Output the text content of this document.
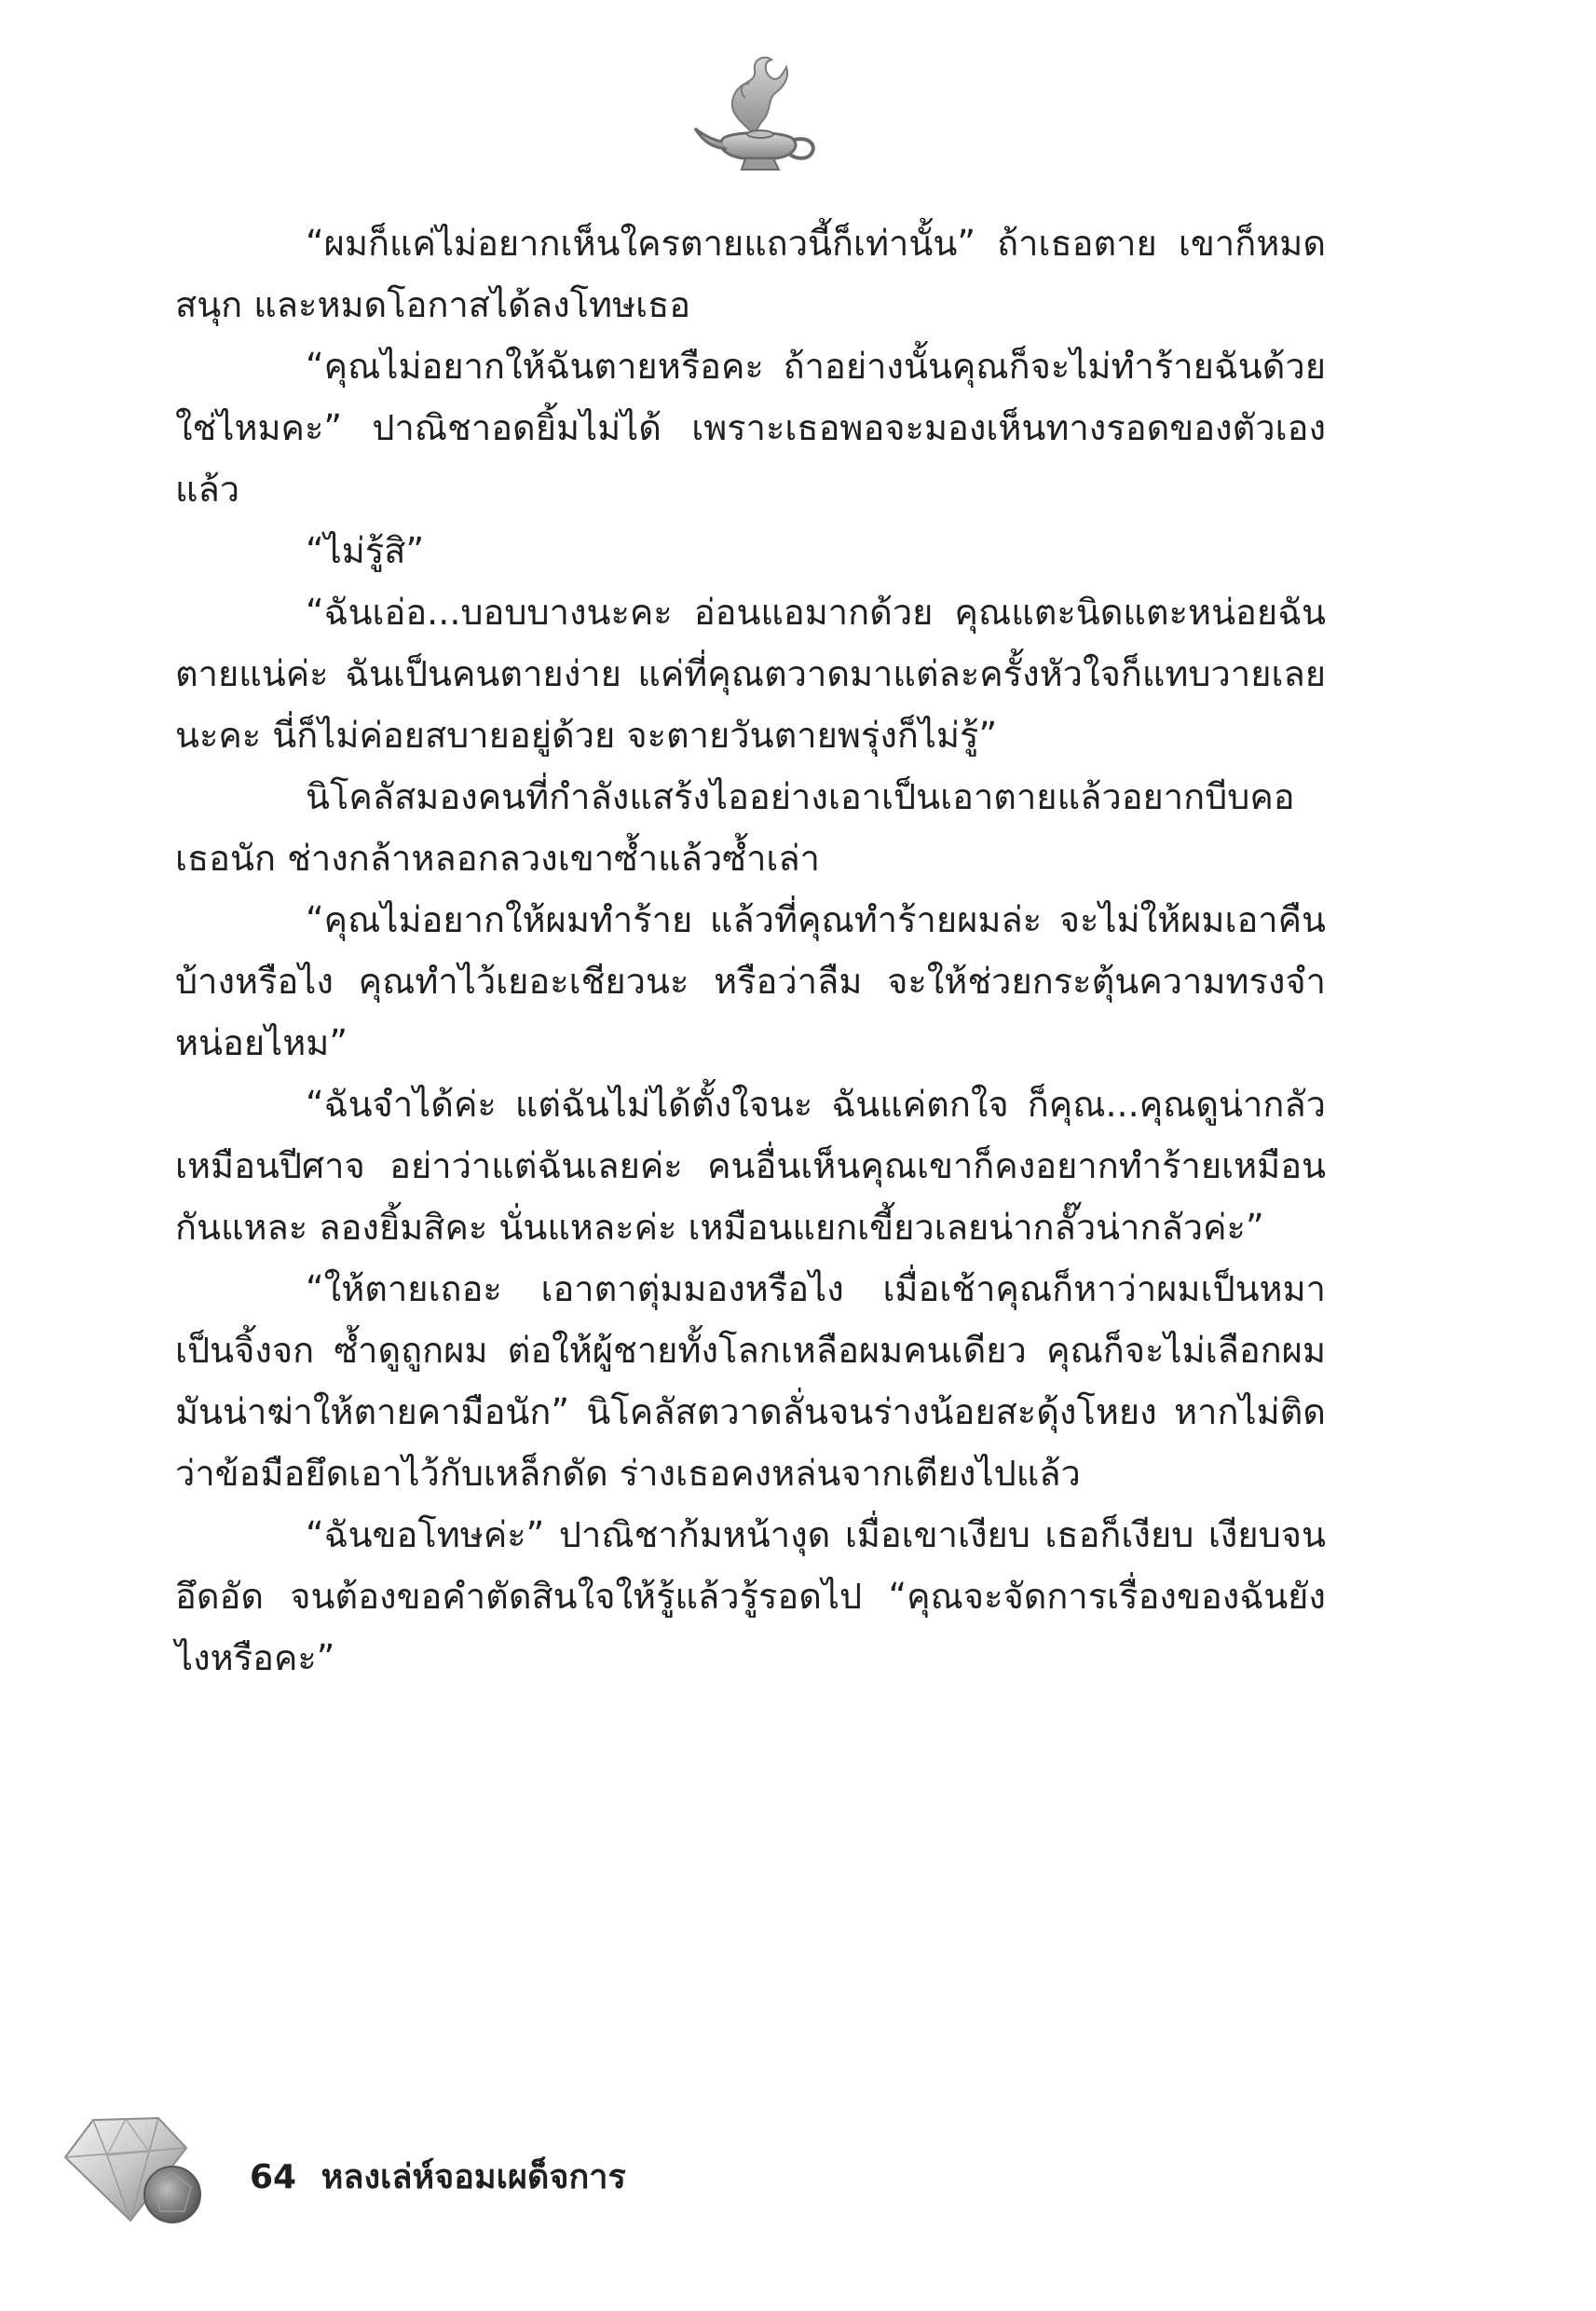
“ผมก็แค่ไม่อยากเห็นใครตายแถวนี้ก็เท่านั้น” ถ้าเธอตาย เขาก็หมดสนุก และหมดโอกาสได้ลงโทษเธอ

“คุณไม่อยากให้ฉันตายหรือคะ ถ้าอย่างนั้นคุณก็จะไม่ทำร้ายฉันด้วยใช่ไหมคะ” ปาณิชาอดยิ้มไม่ได้ เพราะเธอพอจะมองเห็นทางรอดของตัวเองแล้ว

“ไม่รู้สิ”

“ฉันเอ่อ...บอบบางนะคะ อ่อนแอมากด้วย คุณแตะนิดแตะหน่อยฉันตายแน่ค่ะ ฉันเป็นคนตายง่าย แค่ที่คุณตวาดมาแต่ละครั้งหัวใจก็แทบวายเลยนะคะ นี่ก็ไม่ค่อยสบายอยู่ด้วย จะตายวันตายพรุ่งก็ไม่รู้”

นิโคลัสมองคนที่กำลังแสร้งไออย่างเอาเป็นเอาตายแล้วอยากบีบคอเธอนัก ช่างกล้าหลอกลวงเขาซ้ำแล้วซ้ำเล่า

“คุณไม่อยากให้ผมทำร้าย แล้วที่คุณทำร้ายผมล่ะ จะไม่ให้ผมเอาคืนบ้างหรือไง คุณทำไว้เยอะเชียวนะ หรือว่าลืม จะให้ช่วยกระตุ้นความทรงจำหน่อยไหม”

“ฉันจำได้ค่ะ แต่ฉันไม่ได้ตั้งใจนะ ฉันแค่ตกใจ ก็คุณ...คุณดูน่ากลัวเหมือนปีศาจ อย่าว่าแต่ฉันเลยค่ะ คนอื่นเห็นคุณเขาก็คงอยากทำร้ายเหมือนกันแหละ ลองยิ้มสิคะ นั่นแหละค่ะ เหมือนแยกเขี้ยวเลยน่ากลั๊วน่ากลัวค่ะ”

“ให้ตายเถอะ เอาตาตุ่มมองหรือไง เมื่อเช้าคุณก็หาว่าผมเป็นหมาเป็นจิ้งจก ซ้ำดูถูกผม ต่อให้ผู้ชายทั้งโลกเหลือผมคนเดียว คุณก็จะไม่เลือกผม มันน่าฆ่าให้ตายคามือนัก” นิโคลัสตวาดลั่นจนร่างน้อยสะดุ้งโหยง หากไม่ติดว่าข้อมือยึดเอาไว้กับเหล็กดัด ร่างเธอคงหล่นจากเตียงไปแล้ว

“ฉันขอโทษค่ะ” ปาณิชาก้มหน้างุด เมื่อเขาเงียบ เธอก็เงียบ เงียบจนอึดอัด จนต้องขอคำตัดสินใจให้รู้แล้วรู้รอดไป “คุณจะจัดการเรื่องของฉันยังไงหรือคะ”

64 หลงเล่ห์จอมเผด็จการ
